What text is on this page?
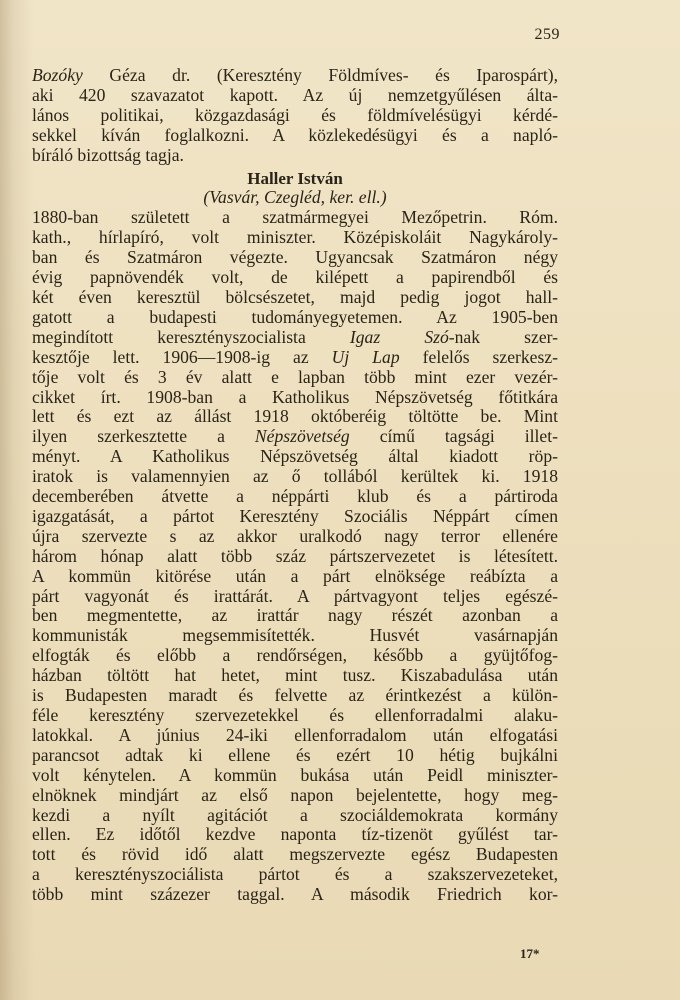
259
Bozóky Géza dr. (Keresztény Földmíves- és Iparospárt),
aki 420 szavazatot kapott. Az új nemzetgyűlésen álta-
lános politikai, közgazdasági és földmívelésügyi kérdé-
sekkel kíván foglalkozni. A közlekedésügyi és a napló-
bíráló bizottság tagja.
Haller István
(Vasvár, Czegléd, ker. ell.)
1880-ban született a szatmármegyei Mezőpetrin. Róm.
kath., hírlapíró, volt miniszter. Középiskoláit Nagykároly-
ban és Szatmáron végezte. Ugyancsak Szatmáron négy
évig papnövendék volt, de kilépett a papirendből és
két éven keresztül bölcsészetet, majd pedig jogot hall-
gatott a budapesti tudományegyetemen. Az 1905-ben
megindított keresztényszocialista Igaz Szó-nak szer-
kesztője lett. 1906—1908-ig az Uj Lap felelős szerkesz-
tője volt és 3 év alatt e lapban több mint ezer vezér-
cikket írt. 1908-ban a Katholikus Népszövetség főtitkára
lett és ezt az állást 1918 októberéig töltötte be. Mint
ilyen szerkesztette a Népszövetség című tagsági illet-
ményt. A Katholikus Népszövetség által kiadott röp-
iratok is valamennyien az ő tollából kerültek ki. 1918
decemberében átvette a néppárti klub és a pártiroda
igazgatását, a pártot Keresztény Szociális Néppárt címen
újra szervezte s az akkor uralkodó nagy terror ellenére
három hónap alatt több száz pártszervezetet is létesített.
A kommün kitörése után a párt elnöksége reábízta a
párt vagyonát és irattárát. A pártvagyont teljes egészé-
ben megmentette, az irattár nagy részét azonban a
kommunisták megsemmisítették. Husvét vasárnapján
elfogták és előbb a rendőrségen, később a gyüjtőfog-
házban töltött hat hetet, mint tusz. Kiszabadulása után
is Budapesten maradt és felvette az érintkezést a külön-
féle keresztény szervezetekkel és ellenforradalmi alaku-
latokkal. A június 24-iki ellenforradalom után elfogatási
parancsot adtak ki ellene és ezért 10 hétig bujkálni
volt kénytelen. A kommün bukása után Peidl miniszter-
elnöknek mindjárt az első napon bejelentette, hogy meg-
kezdi a nyílt agitációt a szociáldemokrata kormány
ellen. Ez időtől kezdve naponta tíz-tizenöt gyűlést tar-
tott és rövid idő alatt megszervezte egész Budapesten
a keresztényszociálista pártot és a szakszervezeteket,
több mint százezer taggal. A második Friedrich kor-
17*
